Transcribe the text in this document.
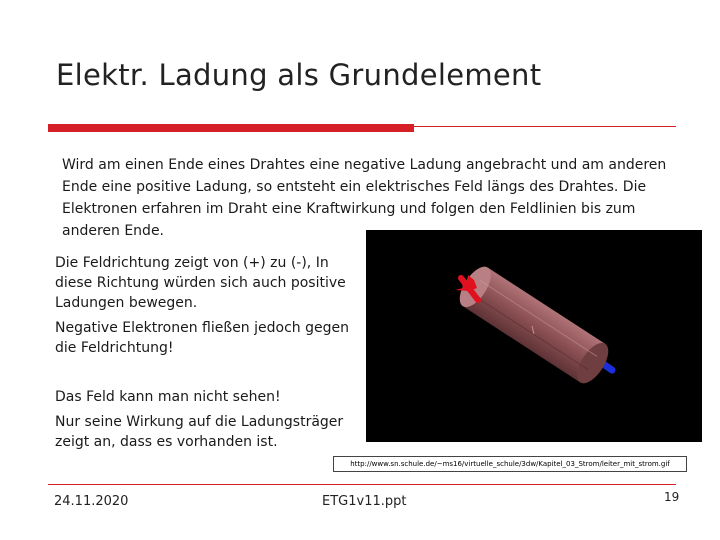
Elektr. Ladung als Grundelement

Wird am einen Ende eines Drahtes eine negative Ladung angebracht und am anderen Ende eine positive Ladung, so entsteht ein elektrisches Feld längs des Drahtes. Die Elektronen erfahren im Draht eine Kraftwirkung und folgen den Feldlinien bis zum anderen Ende.

Die Feldrichtung zeigt von (+) zu (-), In diese Richtung würden sich auch positive Ladungen bewegen.

Negative Elektronen fließen jedoch gegen die Feldrichtung!

Das Feld kann man nicht sehen!

Nur seine Wirkung auf die Ladungsträger zeigt an, dass es vorhanden ist.

http://www.sn.schule.de/~ms16/virtuelle_schule/3dw/Kapitel_03_Strom/leiter_mit_strom.gif
24.11.2020	ETG1v11.ppt	19
